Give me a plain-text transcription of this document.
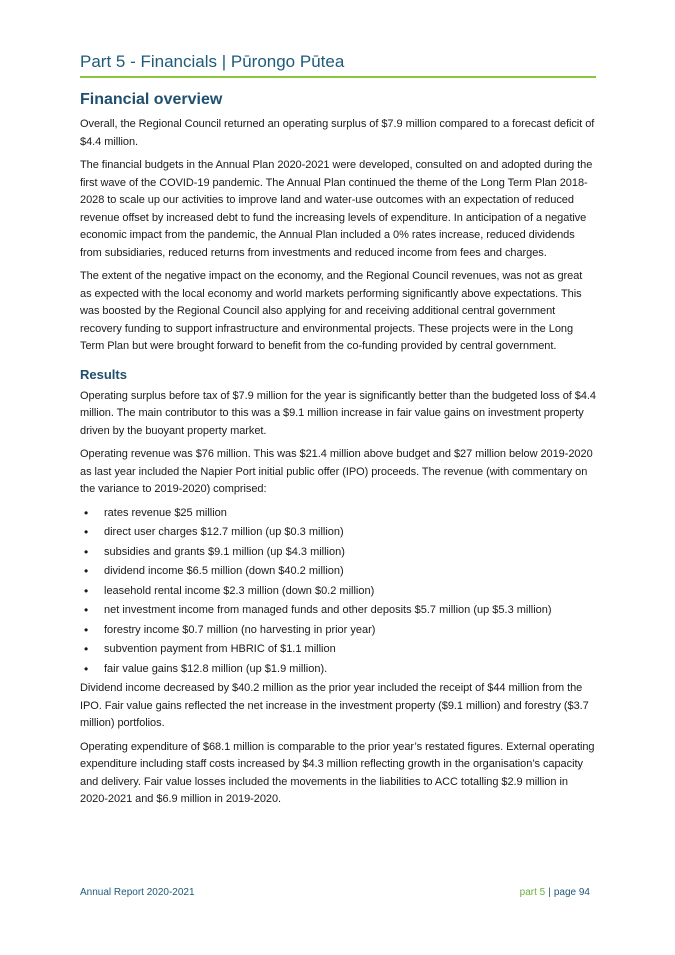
Part 5 - Financials | Pūrongo Pūtea
Financial overview

Overall, the Regional Council returned an operating surplus of $7.9 million compared to a forecast deficit of $4.4 million.

The financial budgets in the Annual Plan 2020-2021 were developed, consulted on and adopted during the first wave of the COVID-19 pandemic. The Annual Plan continued the theme of the Long Term Plan 2018-2028 to scale up our activities to improve land and water-use outcomes with an expectation of reduced revenue offset by increased debt to fund the increasing levels of expenditure. In anticipation of a negative economic impact from the pandemic, the Annual Plan included a 0% rates increase, reduced dividends from subsidiaries, reduced returns from investments and reduced income from fees and charges.

The extent of the negative impact on the economy, and the Regional Council revenues, was not as great as expected with the local economy and world markets performing significantly above expectations. This was boosted by the Regional Council also applying for and receiving additional central government recovery funding to support infrastructure and environmental projects. These projects were in the Long Term Plan but were brought forward to benefit from the co-funding provided by central government.

Results

Operating surplus before tax of $7.9 million for the year is significantly better than the budgeted loss of $4.4 million. The main contributor to this was a $9.1 million increase in fair value gains on investment property driven by the buoyant property market.

Operating revenue was $76 million. This was $21.4 million above budget and $27 million below 2019-2020 as last year included the Napier Port initial public offer (IPO) proceeds. The revenue (with commentary on the variance to 2019-2020) comprised:

• rates revenue $25 million
• direct user charges $12.7 million (up $0.3 million)
• subsidies and grants $9.1 million (up $4.3 million)
• dividend income $6.5 million (down $40.2 million)
• leasehold rental income $2.3 million (down $0.2 million)
• net investment income from managed funds and other deposits $5.7 million (up $5.3 million)
• forestry income $0.7 million (no harvesting in prior year)
• subvention payment from HBRIC of $1.1 million
• fair value gains $12.8 million (up $1.9 million).

Dividend income decreased by $40.2 million as the prior year included the receipt of $44 million from the IPO. Fair value gains reflected the net increase in the investment property ($9.1 million) and forestry ($3.7 million) portfolios.

Operating expenditure of $68.1 million is comparable to the prior year’s restated figures. External operating expenditure including staff costs increased by $4.3 million reflecting growth in the organisation’s capacity and delivery. Fair value losses included the movements in the liabilities to ACC totalling $2.9 million in 2020-2021 and $6.9 million in 2019-2020.

Annual Report 2020-2021	part 5 | page 94
